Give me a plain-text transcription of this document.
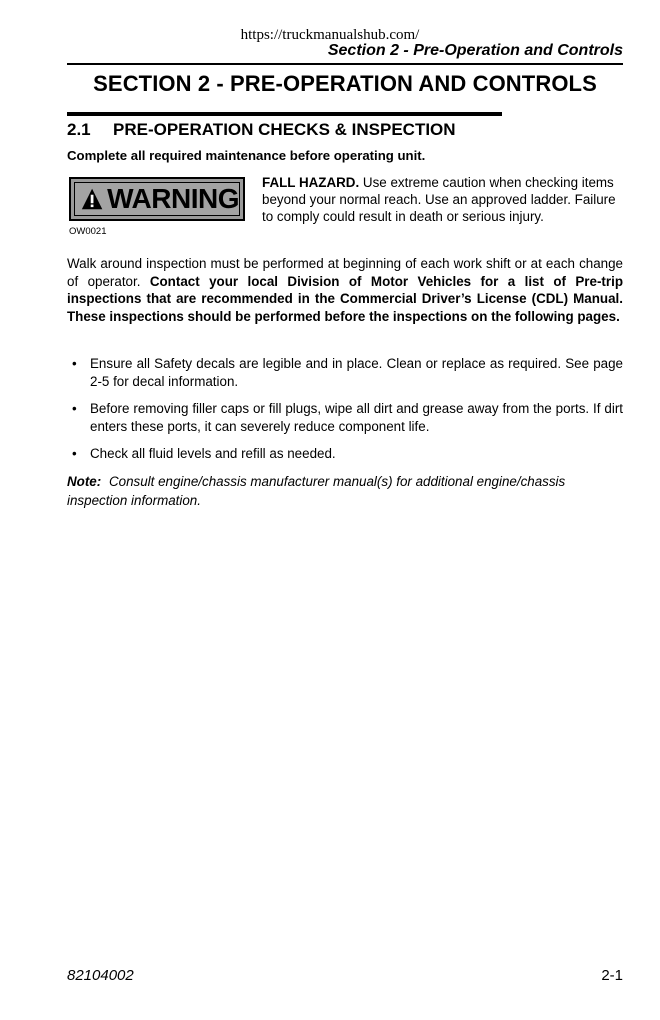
https://truckmanualshub.com/
Section 2 - Pre-Operation and Controls
SECTION 2 - PRE-OPERATION AND CONTROLS
2.1 PRE-OPERATION CHECKS & INSPECTION
Complete all required maintenance before operating unit.
WARNING
OW0021
FALL HAZARD. Use extreme caution when checking items beyond your normal reach. Use an approved ladder. Failure to comply could result in death or serious injury.
Walk around inspection must be performed at beginning of each work shift or at each change of operator. Contact your local Division of Motor Vehicles for a list of Pre-trip inspections that are recommended in the Commercial Driver’s License (CDL) Manual. These inspections should be performed before the inspections on the following pages.
• Ensure all Safety decals are legible and in place. Clean or replace as required. See page 2-5 for decal information.
• Before removing filler caps or fill plugs, wipe all dirt and grease away from the ports. If dirt enters these ports, it can severely reduce component life.
• Check all fluid levels and refill as needed.
Note: Consult engine/chassis manufacturer manual(s) for additional engine/chassis inspection information.
82104002	2-1
